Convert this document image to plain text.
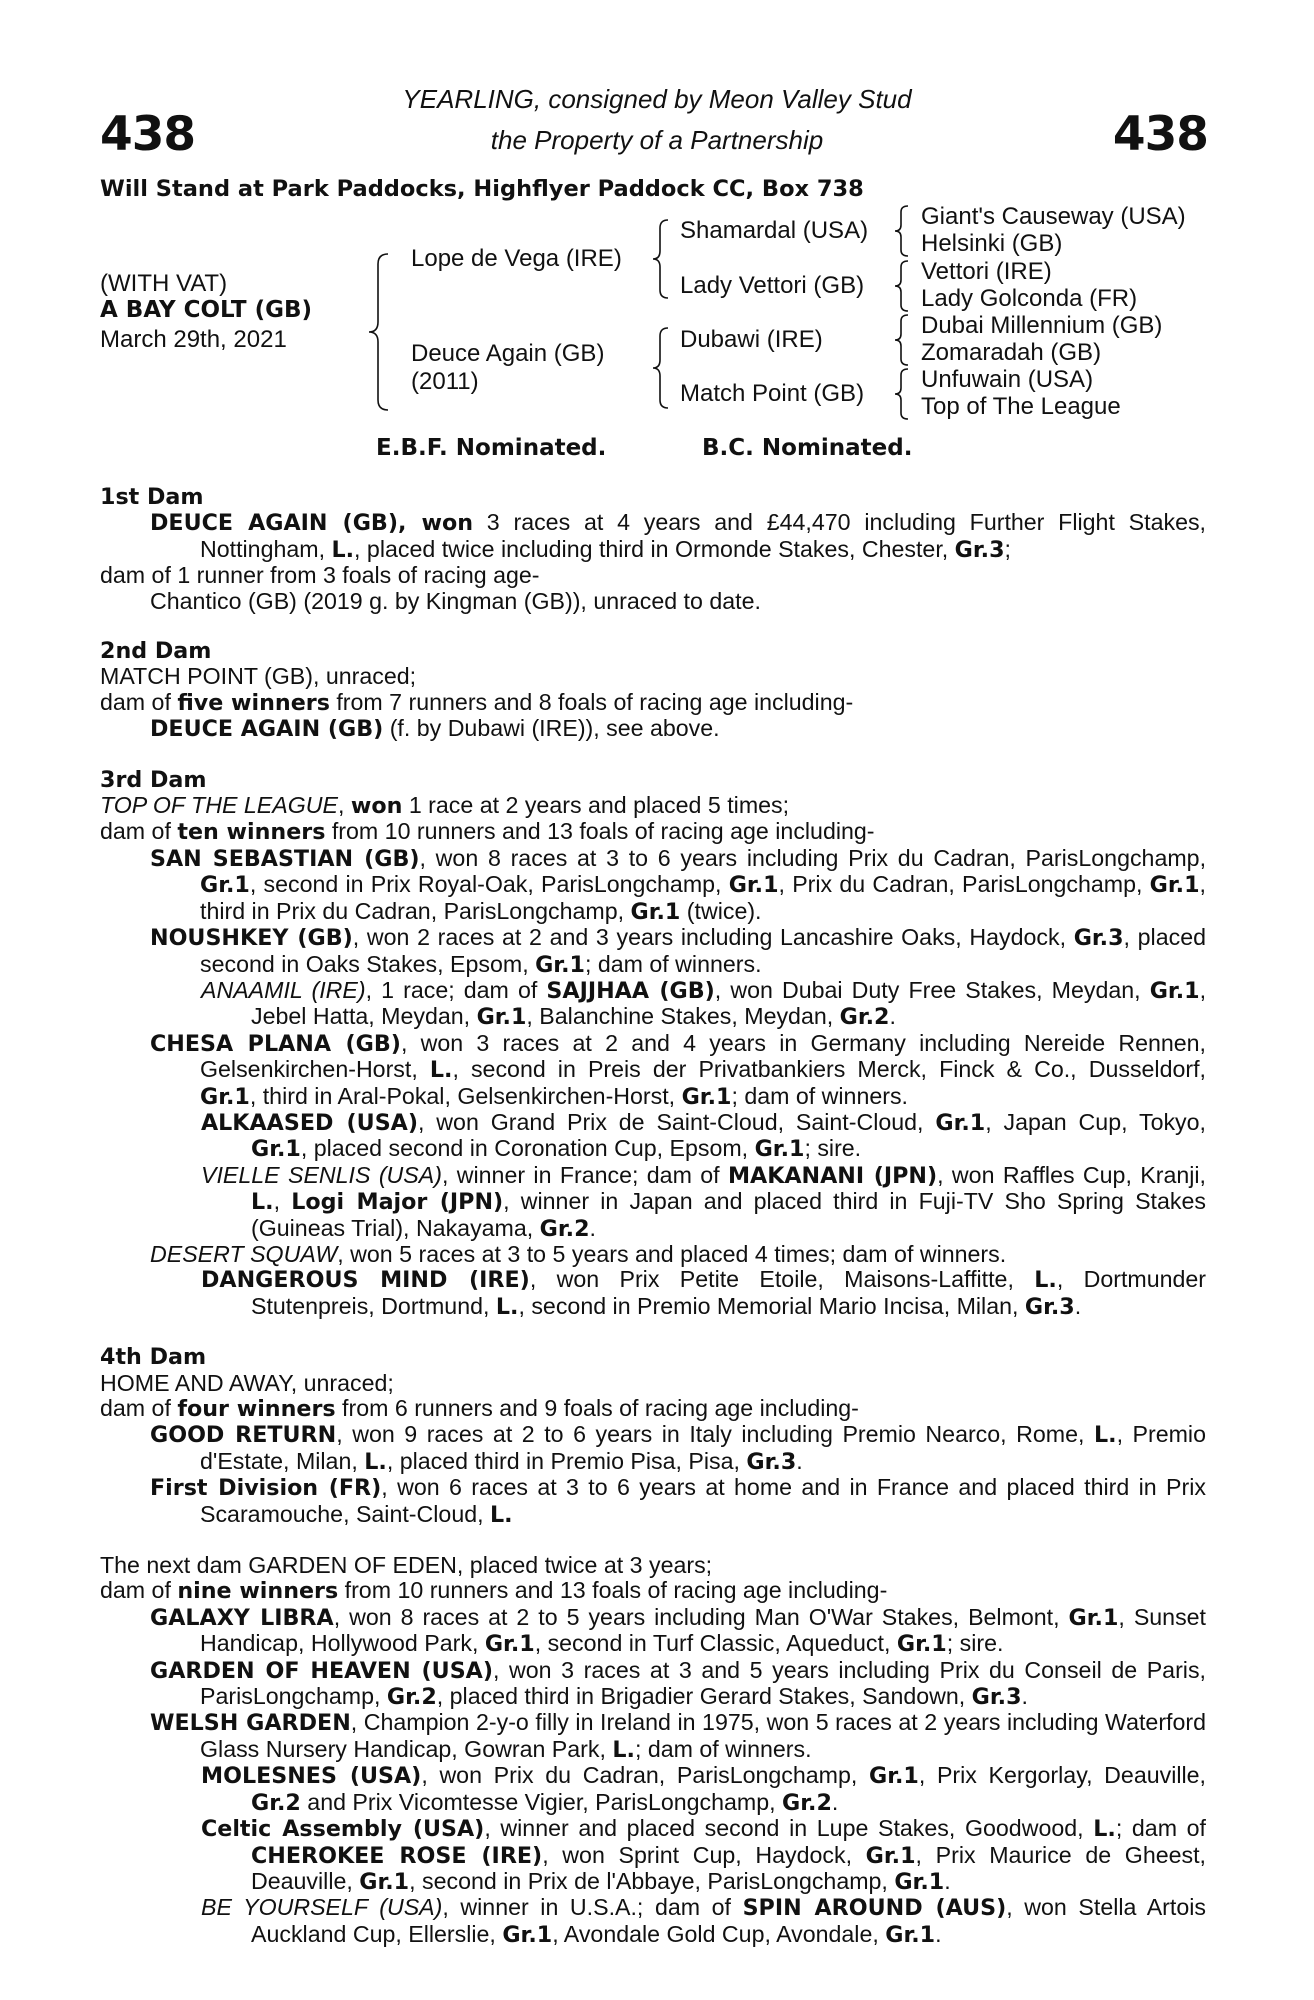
438	438
YEARLING, consigned by Meon Valley Stud
the Property of a Partnership
Will Stand at Park Paddocks, Highflyer Paddock CC, Box 738
(WITH VAT)
A BAY COLT (GB)
March 29th, 2021
Lope de Vega (IRE)
Deuce Again (GB)
(2011)
Shamardal (USA)
Lady Vettori (GB)
Dubawi (IRE)
Match Point (GB)
Giant's Causeway (USA)
Helsinki (GB)
Vettori (IRE)
Lady Golconda (FR)
Dubai Millennium (GB)
Zomaradah (GB)
Unfuwain (USA)
Top of The League
E.B.F. Nominated.	B.C. Nominated.
1st Dam
DEUCE AGAIN (GB), won 3 races at 4 years and £44,470 including Further Flight Stakes, Nottingham, L., placed twice including third in Ormonde Stakes, Chester, Gr.3;
dam of 1 runner from 3 foals of racing age-
Chantico (GB) (2019 g. by Kingman (GB)), unraced to date.
2nd Dam
MATCH POINT (GB), unraced;
dam of five winners from 7 runners and 8 foals of racing age including-
DEUCE AGAIN (GB) (f. by Dubawi (IRE)), see above.
3rd Dam
TOP OF THE LEAGUE, won 1 race at 2 years and placed 5 times;
dam of ten winners from 10 runners and 13 foals of racing age including-
SAN SEBASTIAN (GB), won 8 races at 3 to 6 years including Prix du Cadran, ParisLongchamp, Gr.1, second in Prix Royal-Oak, ParisLongchamp, Gr.1, Prix du Cadran, ParisLongchamp, Gr.1, third in Prix du Cadran, ParisLongchamp, Gr.1 (twice).
NOUSHKEY (GB), won 2 races at 2 and 3 years including Lancashire Oaks, Haydock, Gr.3, placed second in Oaks Stakes, Epsom, Gr.1; dam of winners.
ANAAMIL (IRE), 1 race; dam of SAJJHAA (GB), won Dubai Duty Free Stakes, Meydan, Gr.1, Jebel Hatta, Meydan, Gr.1, Balanchine Stakes, Meydan, Gr.2.
CHESA PLANA (GB), won 3 races at 2 and 4 years in Germany including Nereide Rennen, Gelsenkirchen-Horst, L., second in Preis der Privatbankiers Merck, Finck & Co., Dusseldorf, Gr.1, third in Aral-Pokal, Gelsenkirchen-Horst, Gr.1; dam of winners.
ALKAASED (USA), won Grand Prix de Saint-Cloud, Saint-Cloud, Gr.1, Japan Cup, Tokyo, Gr.1, placed second in Coronation Cup, Epsom, Gr.1; sire.
VIELLE SENLIS (USA), winner in France; dam of MAKANANI (JPN), won Raffles Cup, Kranji, L., Logi Major (JPN), winner in Japan and placed third in Fuji-TV Sho Spring Stakes (Guineas Trial), Nakayama, Gr.2.
DESERT SQUAW, won 5 races at 3 to 5 years and placed 4 times; dam of winners.
DANGEROUS MIND (IRE), won Prix Petite Etoile, Maisons-Laffitte, L., Dortmunder Stutenpreis, Dortmund, L., second in Premio Memorial Mario Incisa, Milan, Gr.3.
4th Dam
HOME AND AWAY, unraced;
dam of four winners from 6 runners and 9 foals of racing age including-
GOOD RETURN, won 9 races at 2 to 6 years in Italy including Premio Nearco, Rome, L., Premio d'Estate, Milan, L., placed third in Premio Pisa, Pisa, Gr.3.
First Division (FR), won 6 races at 3 to 6 years at home and in France and placed third in Prix Scaramouche, Saint-Cloud, L.
The next dam GARDEN OF EDEN, placed twice at 3 years;
dam of nine winners from 10 runners and 13 foals of racing age including-
GALAXY LIBRA, won 8 races at 2 to 5 years including Man O'War Stakes, Belmont, Gr.1, Sunset Handicap, Hollywood Park, Gr.1, second in Turf Classic, Aqueduct, Gr.1; sire.
GARDEN OF HEAVEN (USA), won 3 races at 3 and 5 years including Prix du Conseil de Paris, ParisLongchamp, Gr.2, placed third in Brigadier Gerard Stakes, Sandown, Gr.3.
WELSH GARDEN, Champion 2-y-o filly in Ireland in 1975, won 5 races at 2 years including Waterford Glass Nursery Handicap, Gowran Park, L.; dam of winners.
MOLESNES (USA), won Prix du Cadran, ParisLongchamp, Gr.1, Prix Kergorlay, Deauville, Gr.2 and Prix Vicomtesse Vigier, ParisLongchamp, Gr.2.
Celtic Assembly (USA), winner and placed second in Lupe Stakes, Goodwood, L.; dam of CHEROKEE ROSE (IRE), won Sprint Cup, Haydock, Gr.1, Prix Maurice de Gheest, Deauville, Gr.1, second in Prix de l'Abbaye, ParisLongchamp, Gr.1.
BE YOURSELF (USA), winner in U.S.A.; dam of SPIN AROUND (AUS), won Stella Artois Auckland Cup, Ellerslie, Gr.1, Avondale Gold Cup, Avondale, Gr.1.
